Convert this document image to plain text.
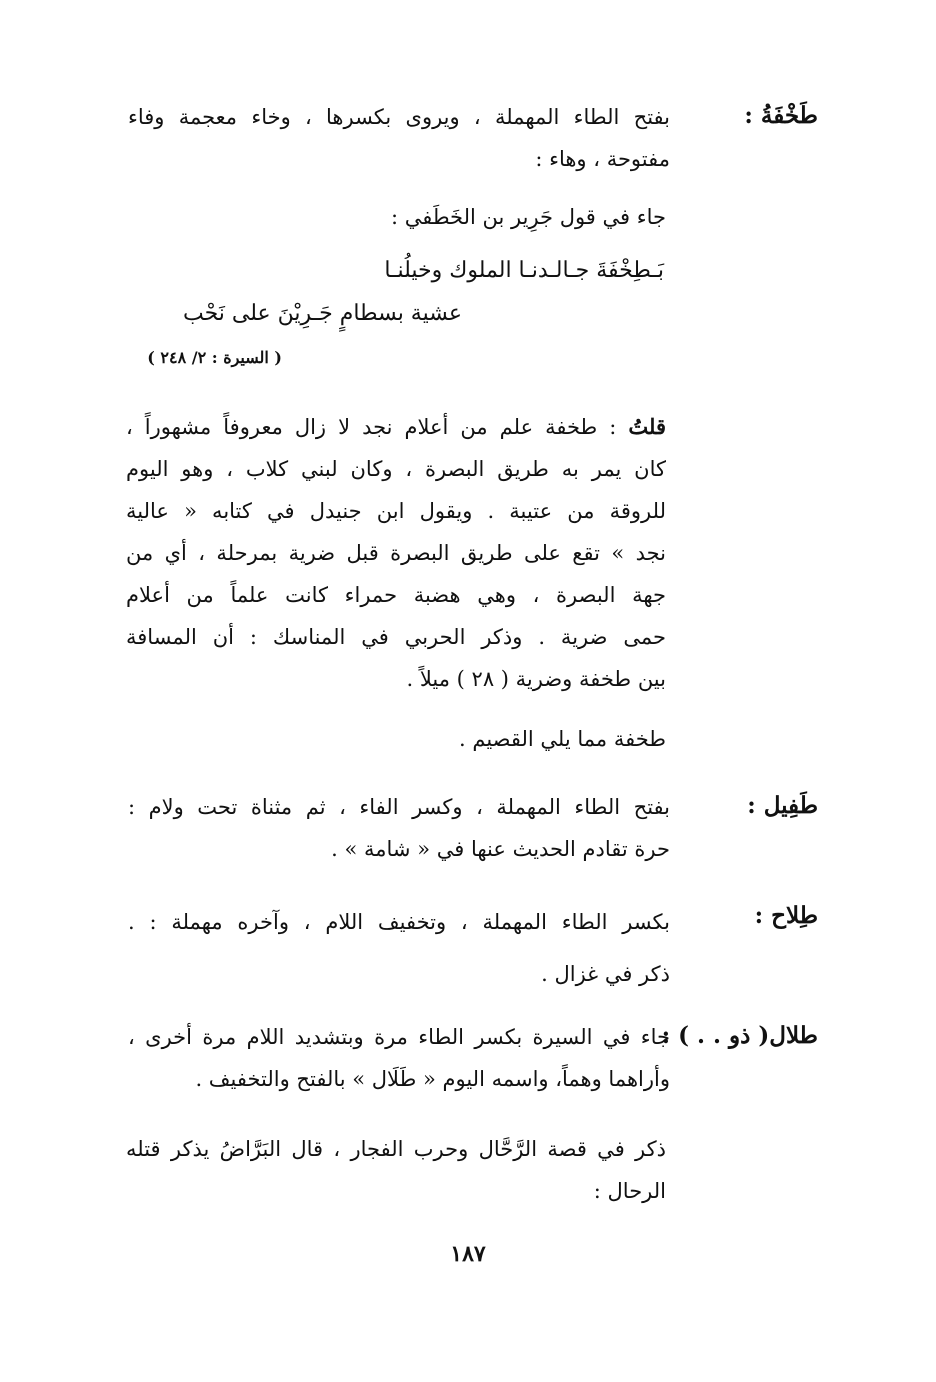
طَخْفَةُ :
بفتح الطاء المهملة ، ويروى بكسرها ، وخاء معجمة وفاء
مفتوحة ، وهاء :
جاء في قول جَرِير بن الخَطَفي :
بَـطِخْفَةَ جـالـدنـا الملوك وخيلُنـا
عشية بسطامٍ جَـرِيْنَ على نَحْب
( السيرة : ٢/ ٢٤٨ )
قلتُ : طخفة علم من أعلام نجد لا زال معروفاً مشهوراً ،
كان يمر به طريق البصرة ، وكان لبني كلاب ، وهو اليوم
للروقة من عتيبة . ويقول ابن جنيدل في كتابه « عالية
نجد » تقع على طريق البصرة قبل ضرية بمرحلة ، أي من
جهة البصرة ، وهي هضبة حمراء كانت علماً من أعلام
حمى ضرية . وذكر الحربي في المناسك : أن المسافة
بين طخفة وضرية ( ٢٨ ) ميلاً .
طخفة مما يلي القصيم .
طَفِيل :
بفتح الطاء المهملة ، وكسر الفاء ، ثم مثناة تحت ولام :
حرة تقادم الحديث عنها في « شامة » .
طِلاح :
بكسر الطاء المهملة ، وتخفيف اللام ، وآخره مهملة : .
ذكر في غزال .
طلال( ذو . . ) :
جاء في السيرة بكسر الطاء مرة وبتشديد اللام مرة أخرى ،
وأراهما وهماً، واسمه اليوم « طَلَال » بالفتح والتخفيف .
ذكر في قصة الرَّحَّال وحرب الفجار ، قال البَرَّاضُ يذكر قتله
الرحال :
١٨٧
